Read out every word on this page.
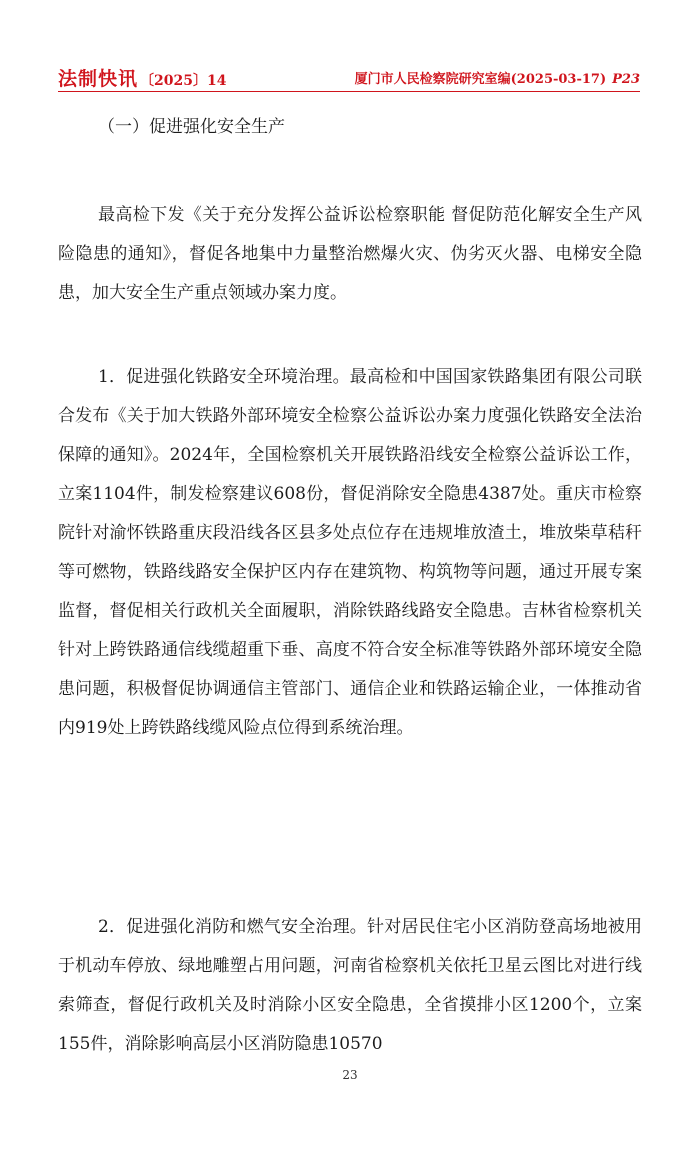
法制快讯 〔2025〕14	厦门市人民检察院研究室编(2025-03-17) P23
（一）促进强化安全生产

最高检下发《关于充分发挥公益诉讼检察职能 督促防范化解安全生产风险隐患的通知》，督促各地集中力量整治燃爆火灾、伪劣灭火器、电梯安全隐患，加大安全生产重点领域办案力度。

1．促进强化铁路安全环境治理。最高检和中国国家铁路集团有限公司联合发布《关于加大铁路外部环境安全检察公益诉讼办案力度强化铁路安全法治保障的通知》。2024年，全国检察机关开展铁路沿线安全检察公益诉讼工作，立案1104件，制发检察建议608份，督促消除安全隐患4387处。重庆市检察院针对渝怀铁路重庆段沿线各区县多处点位存在违规堆放渣土，堆放柴草秸秆等可燃物，铁路线路安全保护区内存在建筑物、构筑物等问题，通过开展专案监督，督促相关行政机关全面履职，消除铁路线路安全隐患。吉林省检察机关针对上跨铁路通信线缆超重下垂、高度不符合安全标准等铁路外部环境安全隐患问题，积极督促协调通信主管部门、通信企业和铁路运输企业，一体推动省内919处上跨铁路线缆风险点位得到系统治理。

2．促进强化消防和燃气安全治理。针对居民住宅小区消防登高场地被用于机动车停放、绿地雕塑占用问题，河南省检察机关依托卫星云图比对进行线索筛查，督促行政机关及时消除小区安全隐患，全省摸排小区1200个，立案155件，消除影响高层小区消防隐患10570

23
